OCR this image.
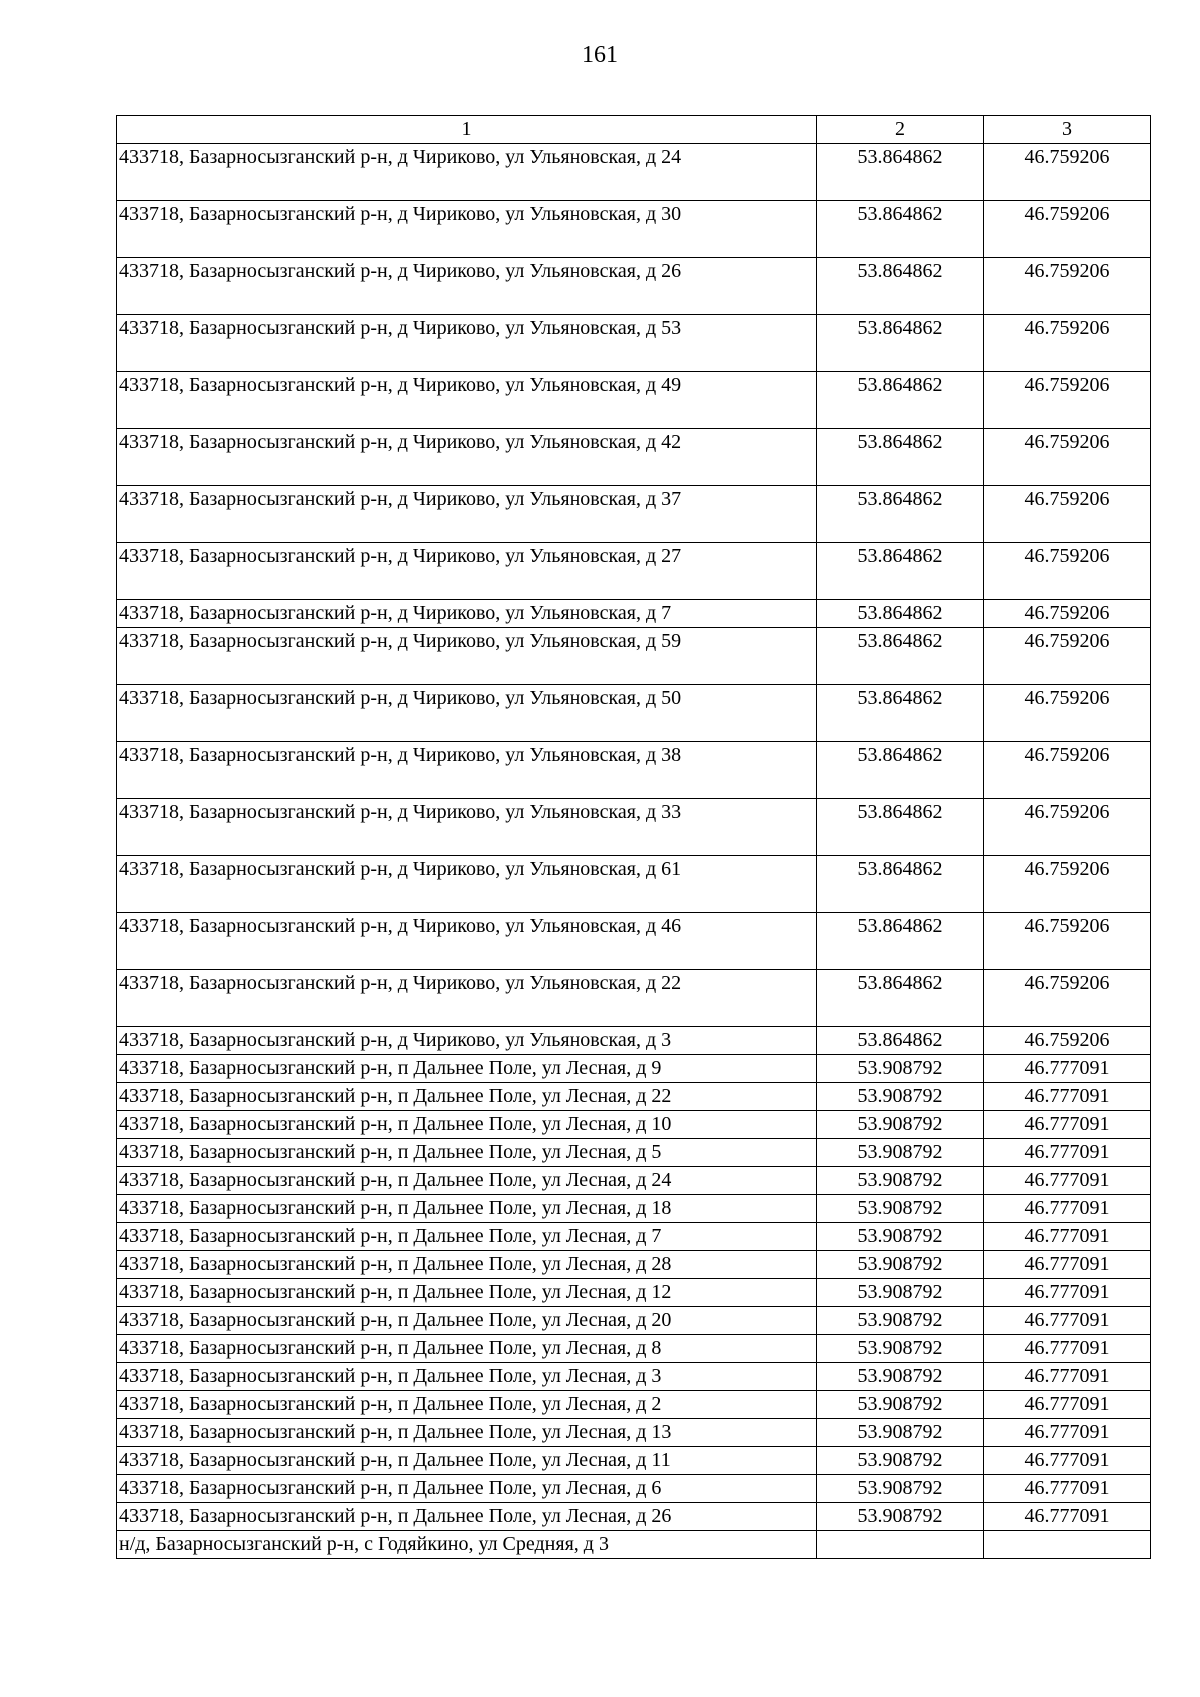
161
1	2	3
433718, Базарносызганский р-н, д Чириково, ул Ульяновская, д 24	53.864862	46.759206
433718, Базарносызганский р-н, д Чириково, ул Ульяновская, д 30	53.864862	46.759206
433718, Базарносызганский р-н, д Чириково, ул Ульяновская, д 26	53.864862	46.759206
433718, Базарносызганский р-н, д Чириково, ул Ульяновская, д 53	53.864862	46.759206
433718, Базарносызганский р-н, д Чириково, ул Ульяновская, д 49	53.864862	46.759206
433718, Базарносызганский р-н, д Чириково, ул Ульяновская, д 42	53.864862	46.759206
433718, Базарносызганский р-н, д Чириково, ул Ульяновская, д 37	53.864862	46.759206
433718, Базарносызганский р-н, д Чириково, ул Ульяновская, д 27	53.864862	46.759206
433718, Базарносызганский р-н, д Чириково, ул Ульяновская, д 7	53.864862	46.759206
433718, Базарносызганский р-н, д Чириково, ул Ульяновская, д 59	53.864862	46.759206
433718, Базарносызганский р-н, д Чириково, ул Ульяновская, д 50	53.864862	46.759206
433718, Базарносызганский р-н, д Чириково, ул Ульяновская, д 38	53.864862	46.759206
433718, Базарносызганский р-н, д Чириково, ул Ульяновская, д 33	53.864862	46.759206
433718, Базарносызганский р-н, д Чириково, ул Ульяновская, д 61	53.864862	46.759206
433718, Базарносызганский р-н, д Чириково, ул Ульяновская, д 46	53.864862	46.759206
433718, Базарносызганский р-н, д Чириково, ул Ульяновская, д 22	53.864862	46.759206
433718, Базарносызганский р-н, д Чириково, ул Ульяновская, д 3	53.864862	46.759206
433718, Базарносызганский р-н, п Дальнее Поле, ул Лесная, д 9	53.908792	46.777091
433718, Базарносызганский р-н, п Дальнее Поле, ул Лесная, д 22	53.908792	46.777091
433718, Базарносызганский р-н, п Дальнее Поле, ул Лесная, д 10	53.908792	46.777091
433718, Базарносызганский р-н, п Дальнее Поле, ул Лесная, д 5	53.908792	46.777091
433718, Базарносызганский р-н, п Дальнее Поле, ул Лесная, д 24	53.908792	46.777091
433718, Базарносызганский р-н, п Дальнее Поле, ул Лесная, д 18	53.908792	46.777091
433718, Базарносызганский р-н, п Дальнее Поле, ул Лесная, д 7	53.908792	46.777091
433718, Базарносызганский р-н, п Дальнее Поле, ул Лесная, д 28	53.908792	46.777091
433718, Базарносызганский р-н, п Дальнее Поле, ул Лесная, д 12	53.908792	46.777091
433718, Базарносызганский р-н, п Дальнее Поле, ул Лесная, д 20	53.908792	46.777091
433718, Базарносызганский р-н, п Дальнее Поле, ул Лесная, д 8	53.908792	46.777091
433718, Базарносызганский р-н, п Дальнее Поле, ул Лесная, д 3	53.908792	46.777091
433718, Базарносызганский р-н, п Дальнее Поле, ул Лесная, д 2	53.908792	46.777091
433718, Базарносызганский р-н, п Дальнее Поле, ул Лесная, д 13	53.908792	46.777091
433718, Базарносызганский р-н, п Дальнее Поле, ул Лесная, д 11	53.908792	46.777091
433718, Базарносызганский р-н, п Дальнее Поле, ул Лесная, д 6	53.908792	46.777091
433718, Базарносызганский р-н, п Дальнее Поле, ул Лесная, д 26	53.908792	46.777091
н/д, Базарносызганский р-н, с Годяйкино, ул Средняя, д 3		
